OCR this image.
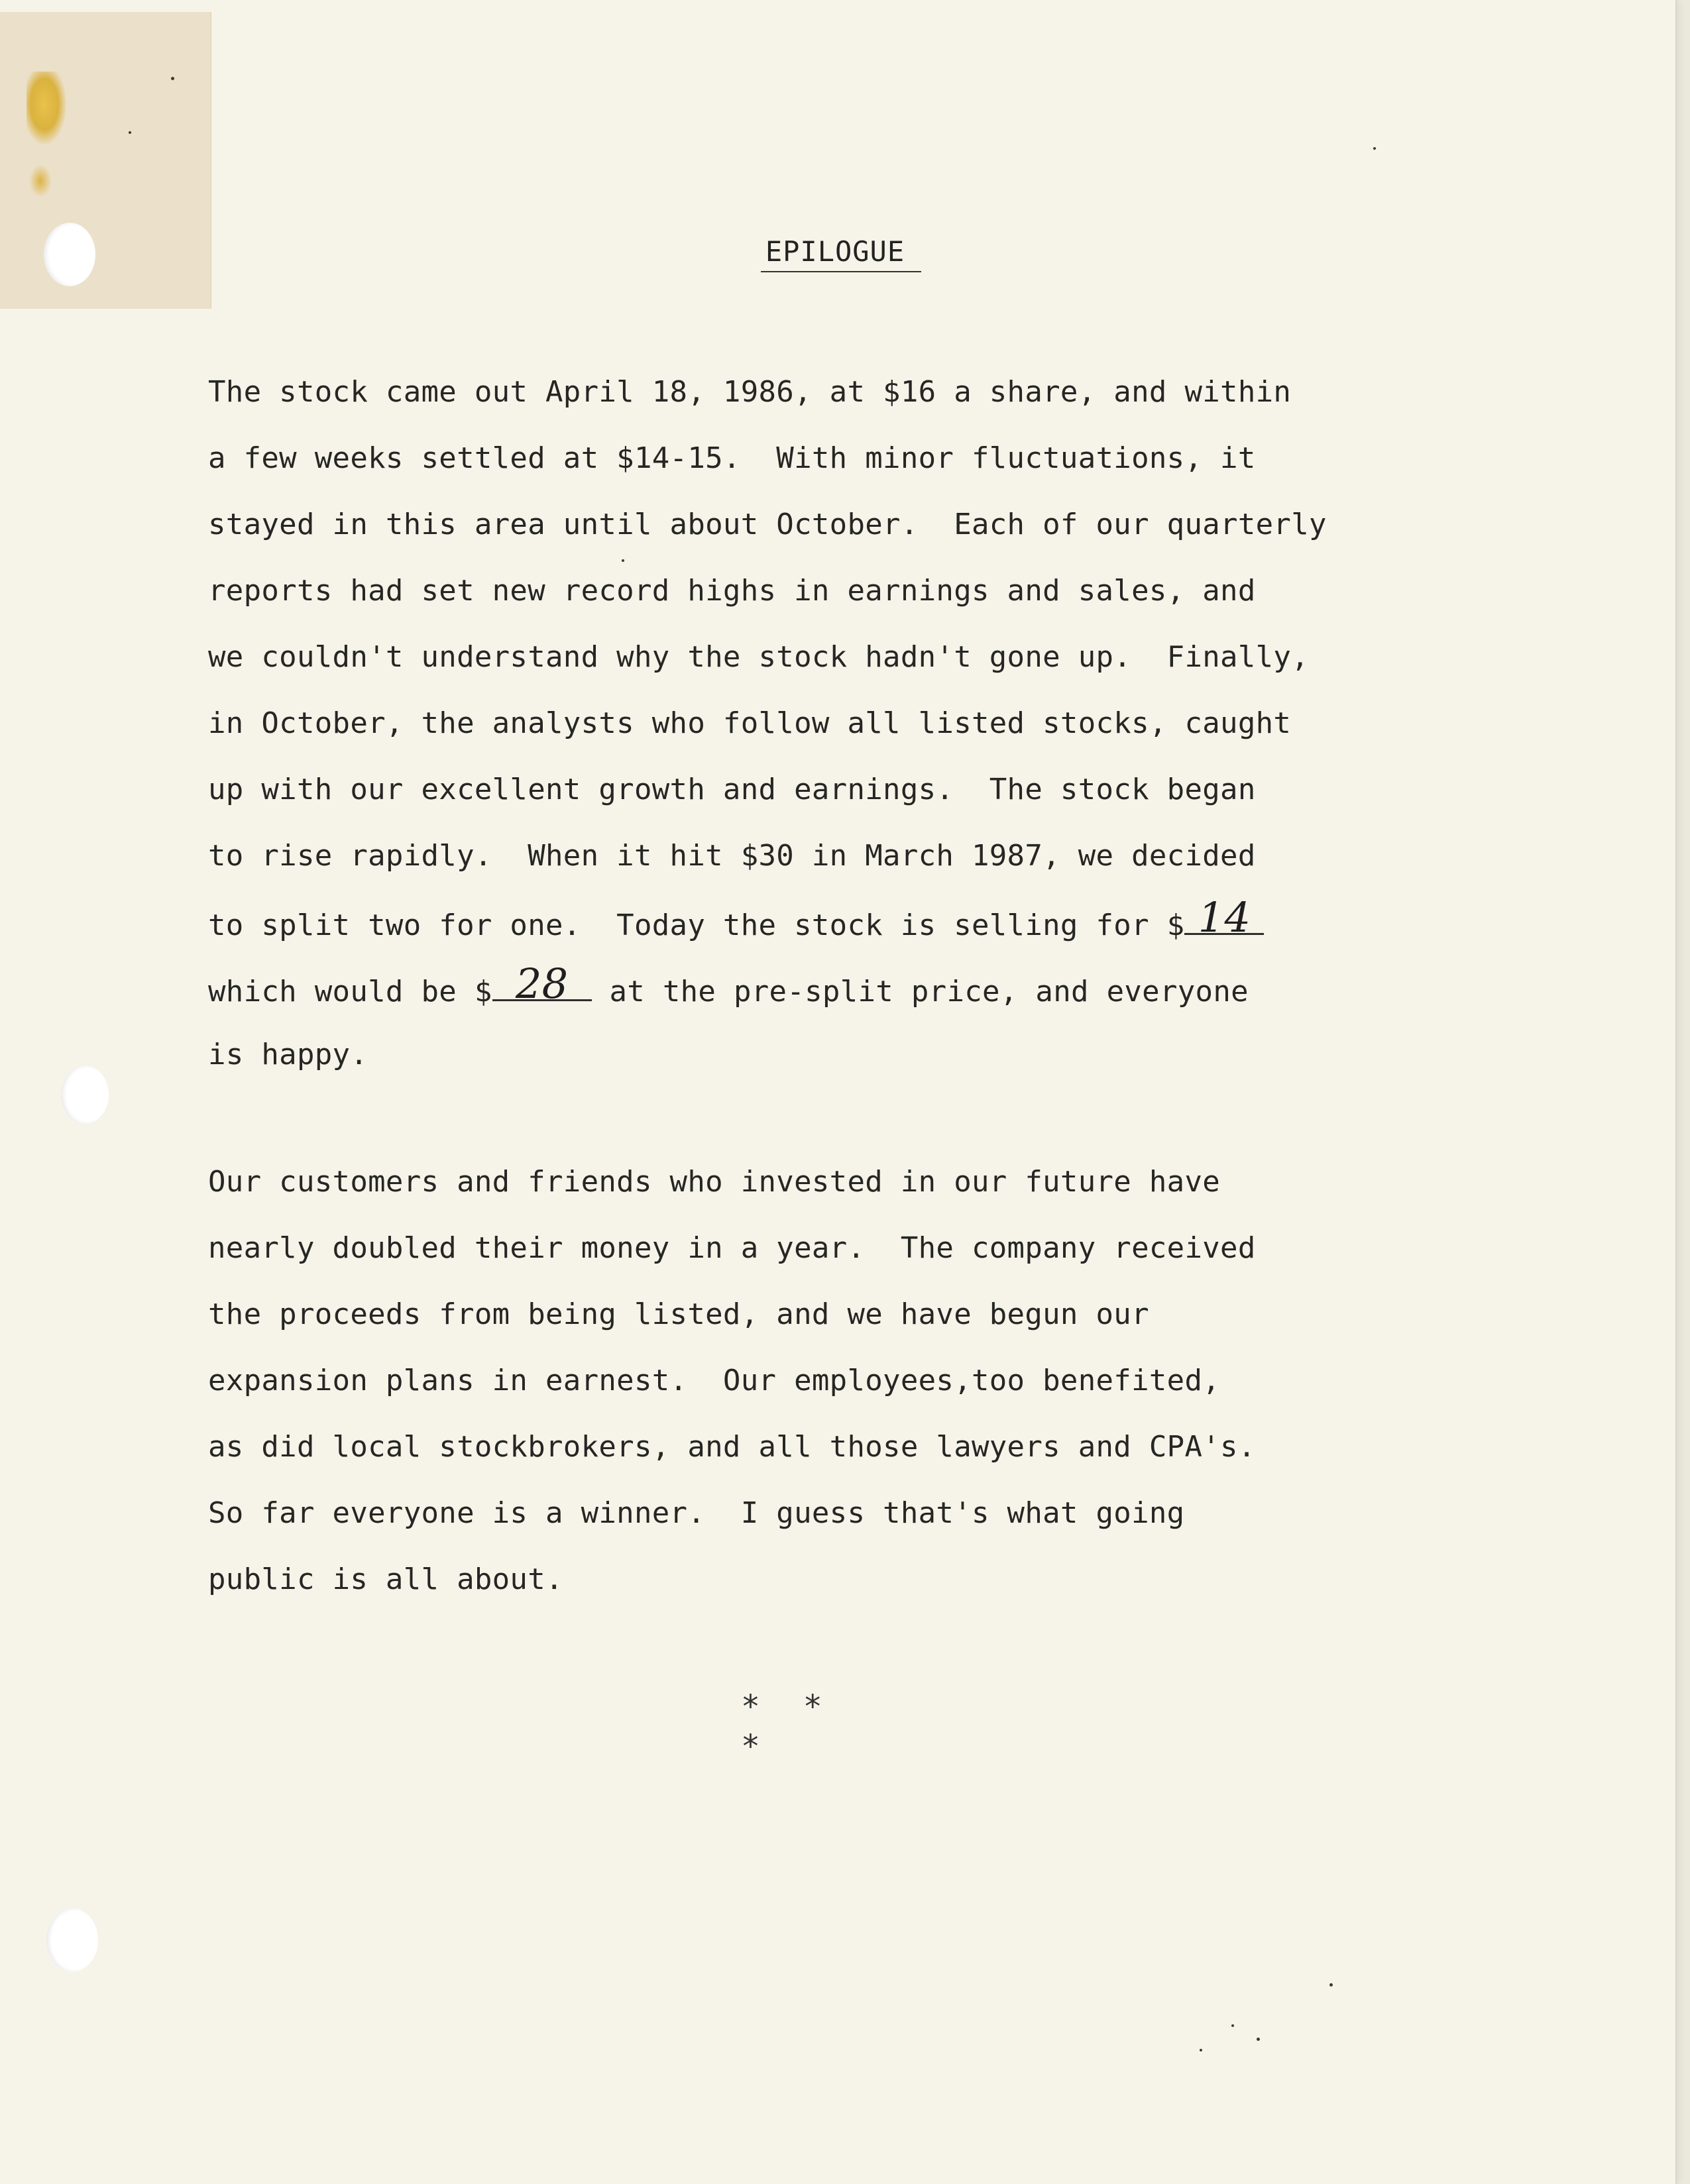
EPILOGUE
The stock came out April 18, 1986, at $16 a share, and within
a few weeks settled at $14-15.  With minor fluctuations, it
stayed in this area until about October.  Each of our quarterly
reports had set new record highs in earnings and sales, and
we couldn't understand why the stock hadn't gone up.  Finally,
in October, the analysts who follow all listed stocks, caught
up with our excellent growth and earnings.  The stock began
to rise rapidly.  When it hit $30 in March 1987, we decided
to split two for one.  Today the stock is selling for $ 14
which would be $ 28 at the pre-split price, and everyone
is happy.
Our customers and friends who invested in our future have
nearly doubled their money in a year.  The company received
the proceeds from being listed, and we have begun our
expansion plans in earnest.  Our employees,too benefited,
as did local stockbrokers, and all those lawyers and CPA's.
So far everyone is a winner.  I guess that's what going
public is all about.
* * *
